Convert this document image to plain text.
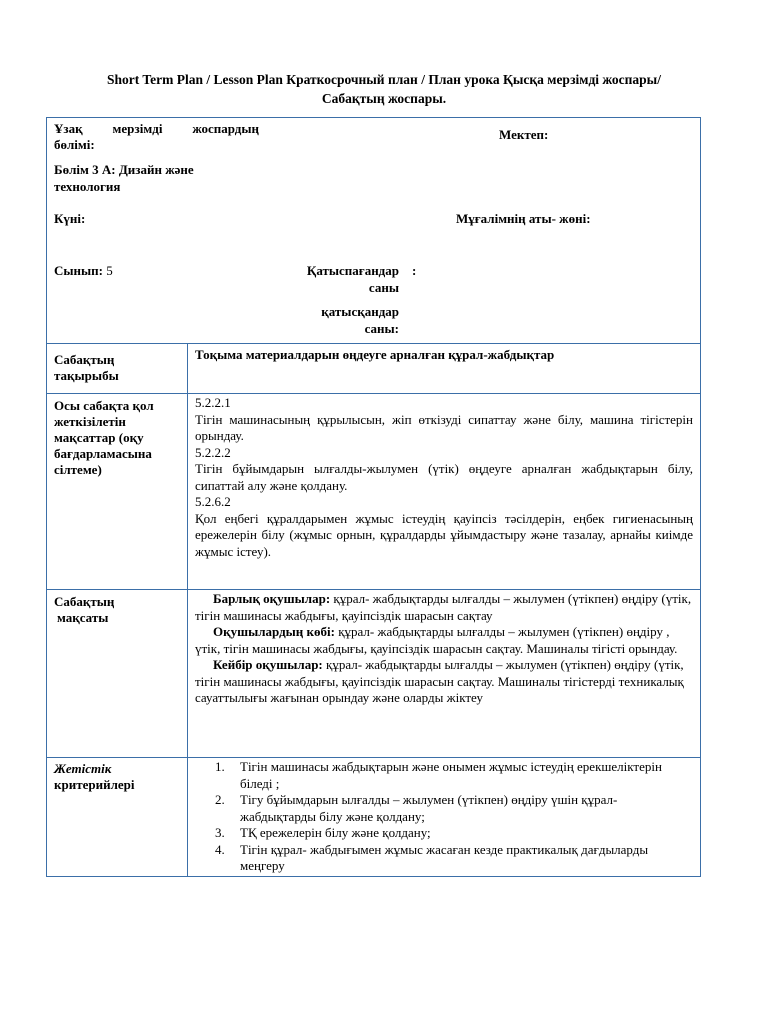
Short Term Plan / Lesson Plan Краткосрочный план / План урока Қысқа мерзімді жоспары/
Сабақтың жоспары.
Ұзақ мерзімді жоспардың
бөлімі:
Мектеп:
Бөлім 3 А: Дизайн және
технология
Күні:	Мұғалімнің аты- жөні:
Сынып: 5	Қатыспағандар
саны
:
қатысқандар
саны:
Сабақтың
тақырыбы
Тоқыма материалдарын өңдеуге арналған құрал-жабдықтар
Осы сабақта қол
жеткізілетін
мақсаттар (оқу
бағдарламасына
сілтеме)
5.2.2.1
Тігін машинасының құрылысын, жіп өткізуді сипаттау және білу, машина тігістерін орындау.
5.2.2.2
Тігін бұйымдарын ылғалды-жылумен (үтік) өңдеуге арналған жабдықтарын білу, сипаттай алу және қолдану.
5.2.6.2
Қол еңбегі құралдарымен жұмыс істеудің қауіпсіз тәсілдерін, еңбек гигиенасының ережелерін білу (жұмыс орнын, құралдарды ұйымдастыру және тазалау, арнайы киімде жұмыс істеу).
Сабақтың
мақсаты
Барлық оқушылар: құрал- жабдықтарды ылғалды – жылумен (үтікпен) өңдіру (үтік, тігін машинасы жабдығы, қауіпсіздік шарасын сақтау
Оқушылардың көбі: құрал- жабдықтарды ылғалды – жылумен (үтікпен) өңдіру , үтік, тігін машинасы жабдығы, қауіпсіздік шарасын сақтау. Машиналы тігісті орындау.
Кейбір оқушылар: құрал- жабдықтарды ылғалды – жылумен (үтікпен) өңдіру (үтік, тігін машинасы жабдығы, қауіпсіздік шарасын сақтау. Машиналы тігістерді техникалық сауаттылығы жағынан орындау және оларды жіктеу
Жетістік
критерийлері
1. Тігін машинасы жабдықтарын және онымен жұмыс істеудің ерекшеліктерін біледі ;
2. Тігу бұйымдарын ылғалды – жылумен (үтікпен) өңдіру үшін құрал-жабдықтарды білу және қолдану;
3. ТҚ ережелерін білу және қолдану;
4. Тігін құрал- жабдығымен жұмыс жасаған кезде практикалық дағдыларды меңгеру
